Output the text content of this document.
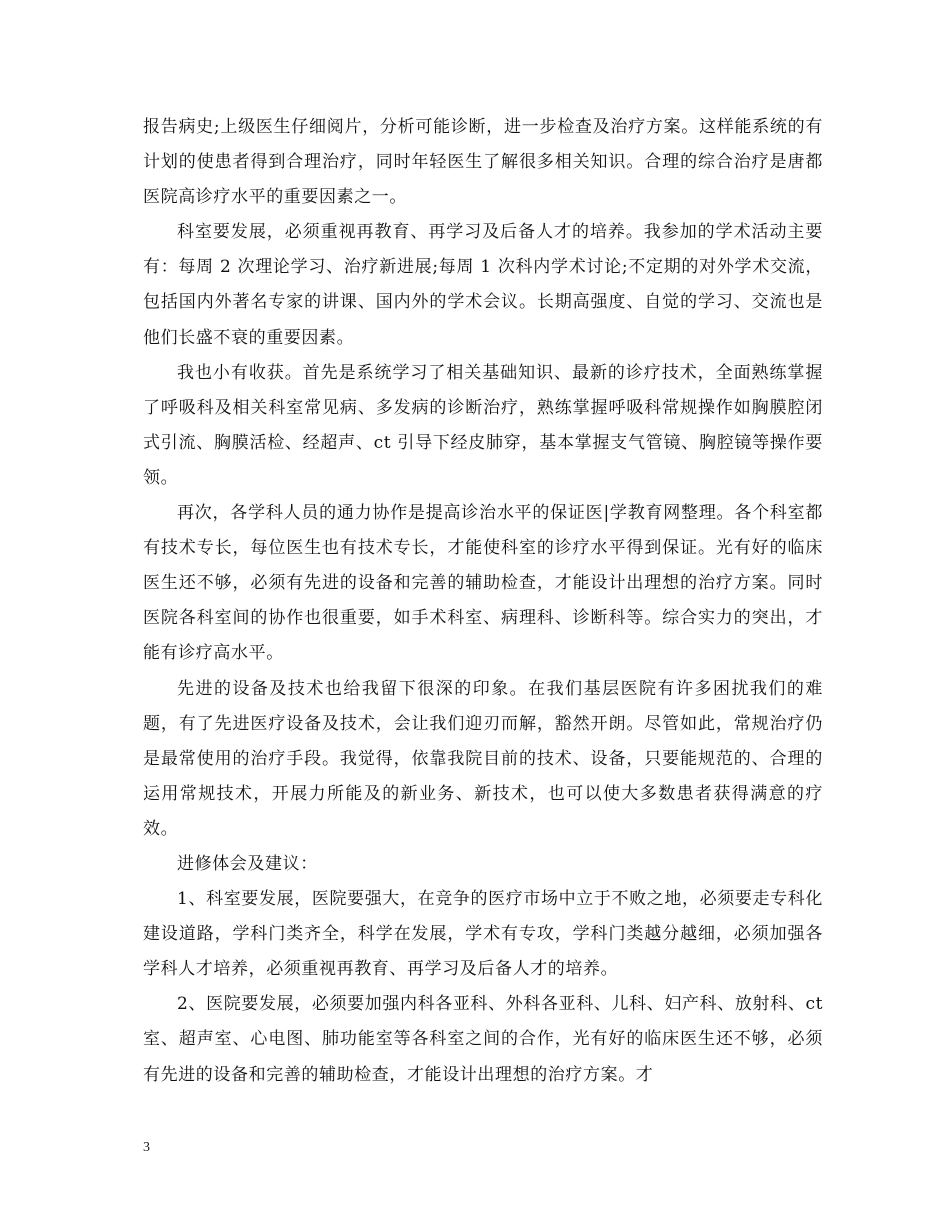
报告病史;上级医生仔细阅片，分析可能诊断，进一步检查及治疗方案。这样能系统的有计划的使患者得到合理治疗，同时年轻医生了解很多相关知识。合理的综合治疗是唐都医院高诊疗水平的重要因素之一。

科室要发展，必须重视再教育、再学习及后备人才的培养。我参加的学术活动主要有：每周 2 次理论学习、治疗新进展;每周 1 次科内学术讨论;不定期的对外学术交流，包括国内外著名专家的讲课、国内外的学术会议。长期高强度、自觉的学习、交流也是他们长盛不衰的重要因素。

我也小有收获。首先是系统学习了相关基础知识、最新的诊疗技术，全面熟练掌握了呼吸科及相关科室常见病、多发病的诊断治疗，熟练掌握呼吸科常规操作如胸膜腔闭式引流、胸膜活检、经超声、ct 引导下经皮肺穿，基本掌握支气管镜、胸腔镜等操作要领。

再次，各学科人员的通力协作是提高诊治水平的保证医|学教育网整理。各个科室都有技术专长，每位医生也有技术专长，才能使科室的诊疗水平得到保证。光有好的临床医生还不够，必须有先进的设备和完善的辅助检查，才能设计出理想的治疗方案。同时医院各科室间的协作也很重要，如手术科室、病理科、诊断科等。综合实力的突出，才能有诊疗高水平。

先进的设备及技术也给我留下很深的印象。在我们基层医院有许多困扰我们的难题，有了先进医疗设备及技术，会让我们迎刃而解，豁然开朗。尽管如此，常规治疗仍是最常使用的治疗手段。我觉得，依靠我院目前的技术、设备，只要能规范的、合理的运用常规技术，开展力所能及的新业务、新技术，也可以使大多数患者获得满意的疗效。

进修体会及建议：

1、科室要发展，医院要强大，在竞争的医疗市场中立于不败之地，必须要走专科化建设道路，学科门类齐全，科学在发展，学术有专攻，学科门类越分越细，必须加强各学科人才培养，必须重视再教育、再学习及后备人才的培养。

2、医院要发展，必须要加强内科各亚科、外科各亚科、儿科、妇产科、放射科、ct 室、超声室、心电图、肺功能室等各科室之间的合作，光有好的临床医生还不够，必须有先进的设备和完善的辅助检查，才能设计出理想的治疗方案。才

3
